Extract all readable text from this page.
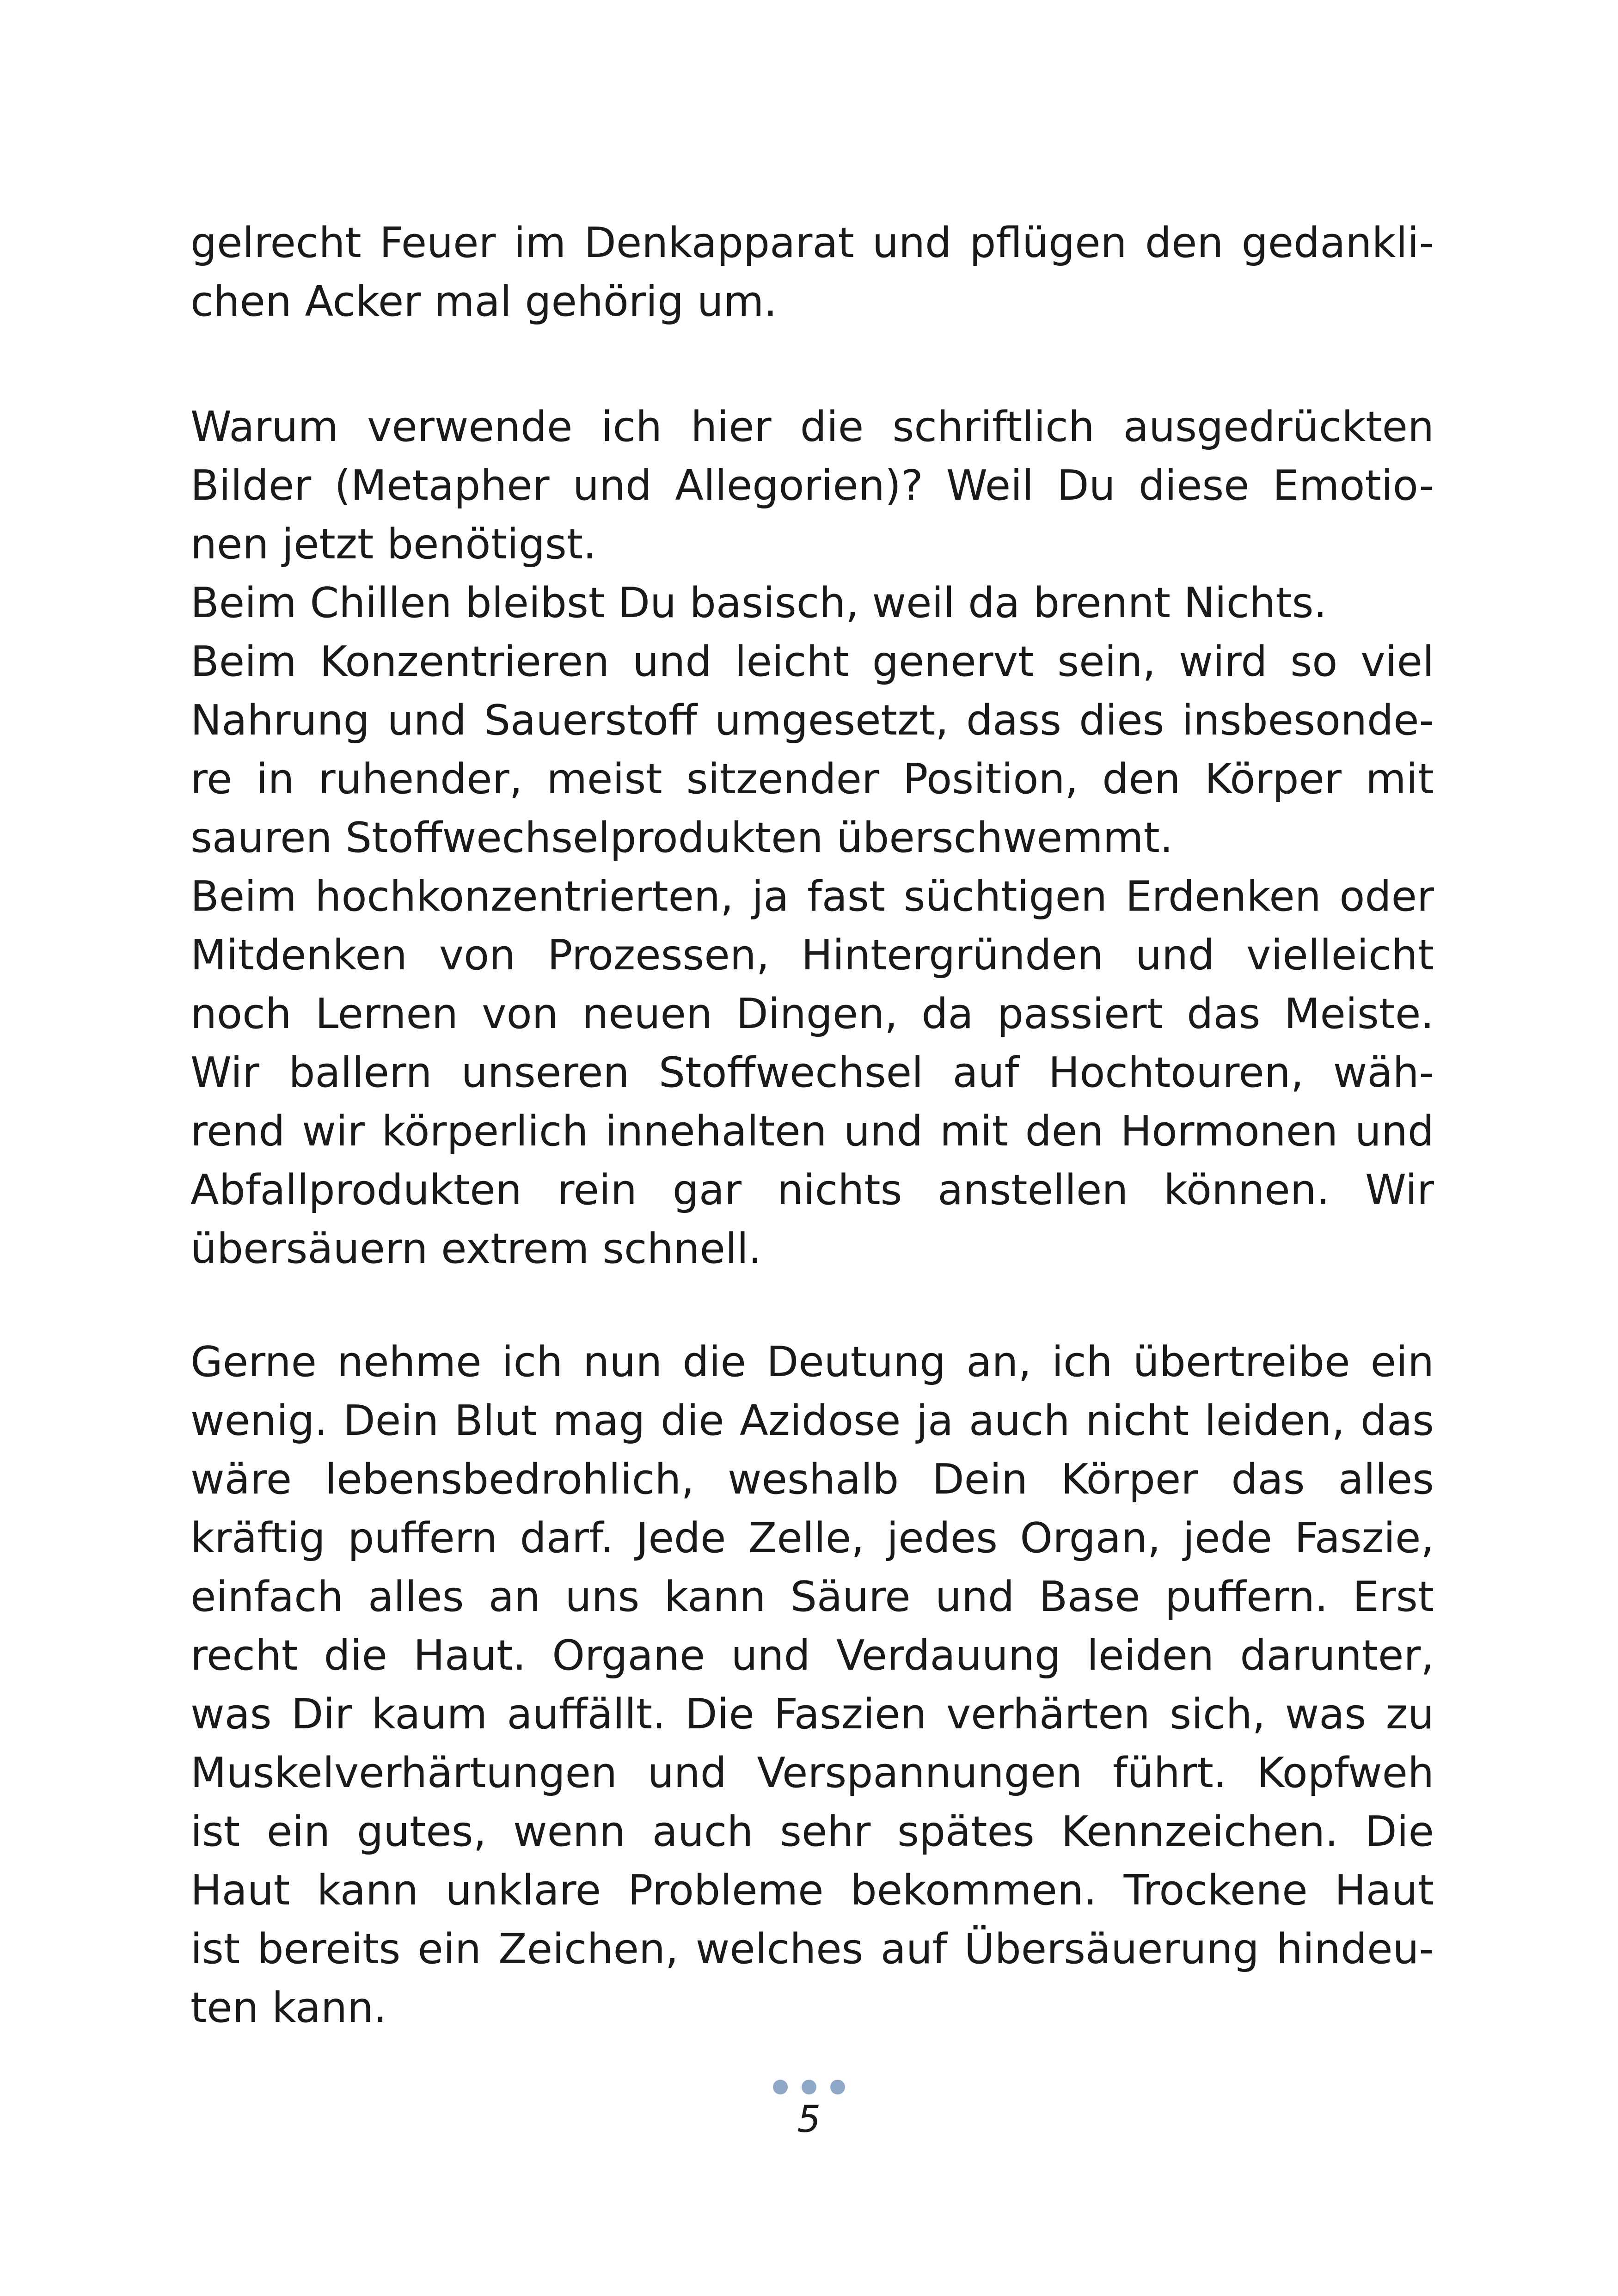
gelrecht Feuer im Denkapparat und pflügen den gedankli-
chen Acker mal gehörig um.
Warum verwende ich hier die schriftlich ausgedrückten
Bilder (Metapher und Allegorien)? Weil Du diese Emotio-
nen jetzt benötigst.
Beim Chillen bleibst Du basisch, weil da brennt Nichts.
Beim Konzentrieren und leicht genervt sein, wird so viel
Nahrung und Sauerstoff umgesetzt, dass dies insbesonde-
re in ruhender, meist sitzender Position, den Körper mit
sauren Stoffwechselprodukten überschwemmt.
Beim hochkonzentrierten, ja fast süchtigen Erdenken oder
Mitdenken von Prozessen, Hintergründen und vielleicht
noch Lernen von neuen Dingen, da passiert das Meiste.
Wir ballern unseren Stoffwechsel auf Hochtouren, wäh-
rend wir körperlich innehalten und mit den Hormonen und
Abfallprodukten rein gar nichts anstellen können. Wir
übersäuern extrem schnell.
Gerne nehme ich nun die Deutung an, ich übertreibe ein
wenig. Dein Blut mag die Azidose ja auch nicht leiden, das
wäre lebensbedrohlich, weshalb Dein Körper das alles
kräftig puffern darf. Jede Zelle, jedes Organ, jede Faszie,
einfach alles an uns kann Säure und Base puffern. Erst
recht die Haut. Organe und Verdauung leiden darunter,
was Dir kaum auffällt. Die Faszien verhärten sich, was zu
Muskelverhärtungen und Verspannungen führt. Kopfweh
ist ein gutes, wenn auch sehr spätes Kennzeichen. Die
Haut kann unklare Probleme bekommen. Trockene Haut
ist bereits ein Zeichen, welches auf Übersäuerung hindeu-
ten kann.
5
